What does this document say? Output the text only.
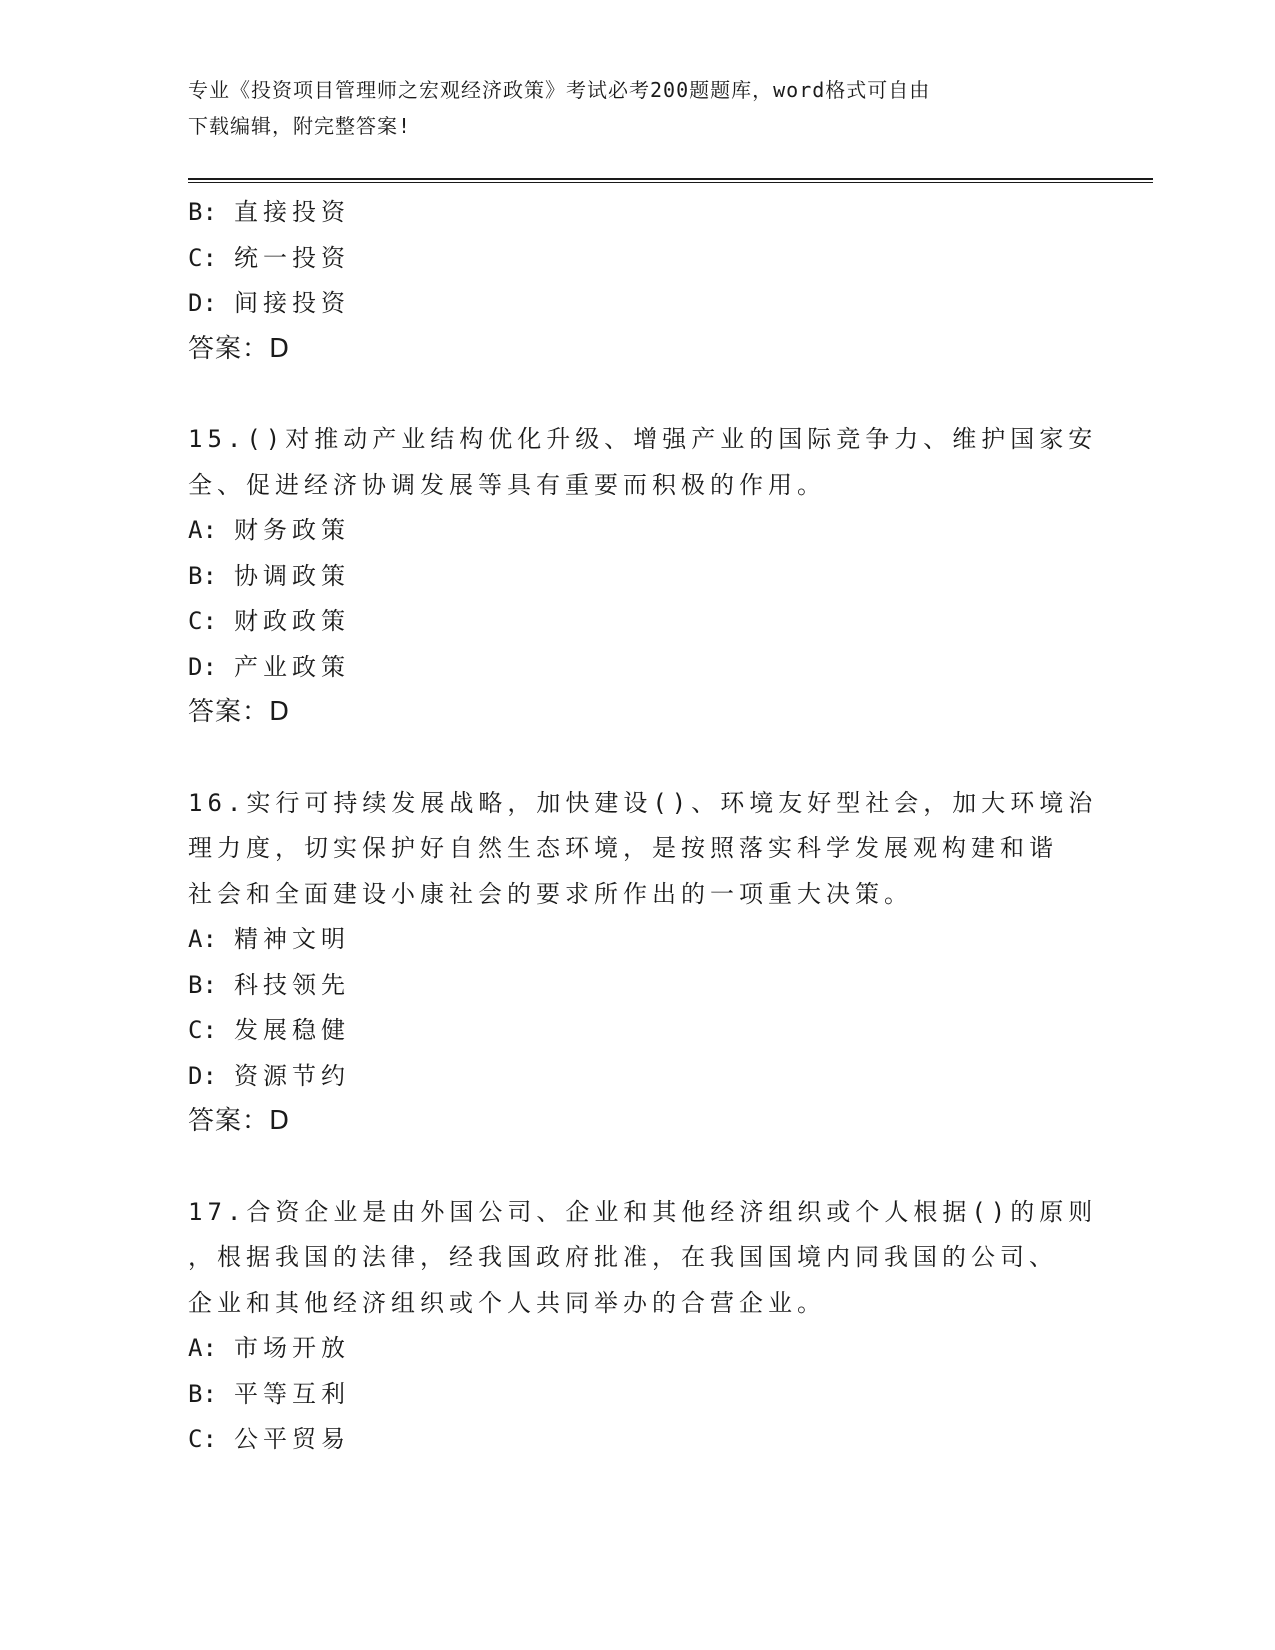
专业《投资项目管理师之宏观经济政策》考试必考200题题库，word格式可自由
下载编辑，附完整答案!
B: 直接投资
C: 统一投资
D: 间接投资
答案：D
15.()对推动产业结构优化升级、增强产业的国际竞争力、维护国家安
全、促进经济协调发展等具有重要而积极的作用。
A: 财务政策
B: 协调政策
C: 财政政策
D: 产业政策
答案：D
16.实行可持续发展战略，加快建设()、环境友好型社会，加大环境治
理力度，切实保护好自然生态环境，是按照落实科学发展观构建和谐
社会和全面建设小康社会的要求所作出的一项重大决策。
A: 精神文明
B: 科技领先
C: 发展稳健
D: 资源节约
答案：D
17.合资企业是由外国公司、企业和其他经济组织或个人根据()的原则
，根据我国的法律，经我国政府批准，在我国国境内同我国的公司、
企业和其他经济组织或个人共同举办的合营企业。
A: 市场开放
B: 平等互利
C: 公平贸易
